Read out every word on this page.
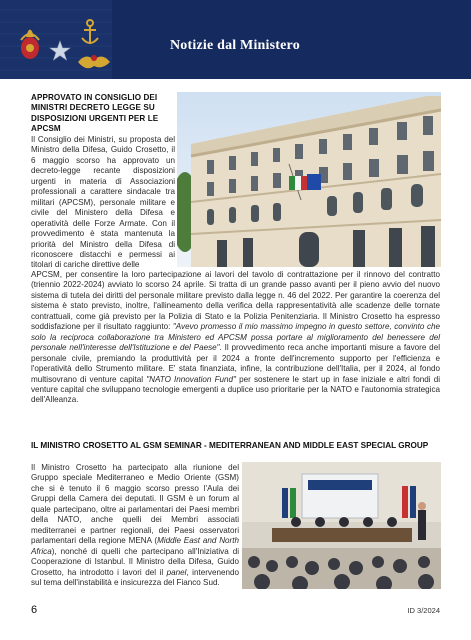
Notizie dal Ministero
APPROVATO IN CONSIGLIO DEI MINISTRI DECRETO LEGGE SU DISPOSIZIONI URGENTI PER LE APCSM
Il Consiglio dei Ministri, su proposta del Ministro della Difesa, Guido Crosetto, il 6 maggio scorso ha approvato un decreto-legge recante disposizioni urgenti in materia di Associazioni professionali a carattere sindacale tra militari (APCSM), personale militare e civile del Ministero della Difesa e operatività delle Forze Armate. Con il provvedimento è stata mantenuta la priorità del Ministro della Difesa di riconoscere distacchi e permessi ai titolari di cariche direttive delle
APCSM, per consentire la loro partecipazione ai lavori del tavolo di contrattazione per il rinnovo del contratto (triennio 2022-2024) avviato lo scorso 24 aprile. Si tratta di un grande passo avanti per il pieno avvio del nuovo sistema di tutela dei diritti del personale militare previsto dalla legge n. 46 del 2022. Per garantire la coerenza del sistema è stato previsto, inoltre, l'allineamento della verifica della rappresentatività alle scadenze delle tornate contrattuali, come già previsto per la Polizia di Stato e la Polizia Penitenziaria. Il Ministro Crosetto ha espresso soddisfazione per il risultato raggiunto: "Avevo promesso il mio massimo impegno in questo settore, convinto che solo la reciproca collaborazione tra Ministero ed APCSM possa portare al miglioramento del benessere del personale nell'interesse dell'Istituzione e del Paese". Il provvedimento reca anche importanti misure a favore del personale civile, premiando la produttività per il 2024 a fronte dell'incremento supporto per l'efficienza e l'operatività dello Strumento militare. E' stata finanziata, infine, la contribuzione dell'Italia, per il 2024, al fondo multisovrano di venture capital "NATO Innovation Fund" per sostenere le start up in fase iniziale e altri fondi di venture capital che sviluppano tecnologie emergenti a duplice uso prioritarie per la NATO e l'autonomia strategica dell'Alleanza.
IL MINISTRO CROSETTO AL GSM SEMINAR - MEDITERRANEAN AND MIDDLE EAST SPECIAL GROUP
Il Ministro Crosetto ha partecipato alla riunione del Gruppo speciale Mediterraneo e Medio Oriente (GSM) che si è tenuto il 6 maggio scorso presso l'Aula dei Gruppi della Camera dei deputati. Il GSM è un forum al quale partecipano, oltre ai parlamentari dei Paesi membri della NATO, anche quelli dei Membri associati mediterranei e partner regionali, dei Paesi osservatori parlamentari della regione MENA (Middle East and North Africa), nonché di quelli che partecipano all'Iniziativa di Cooperazione di Istanbul. Il Ministro della Difesa, Guido Crosetto, ha introdotto i lavori del il panel, intervenendo sul tema dell'instabilità e insicurezza del Fianco Sud.
6	ID 3/2024
